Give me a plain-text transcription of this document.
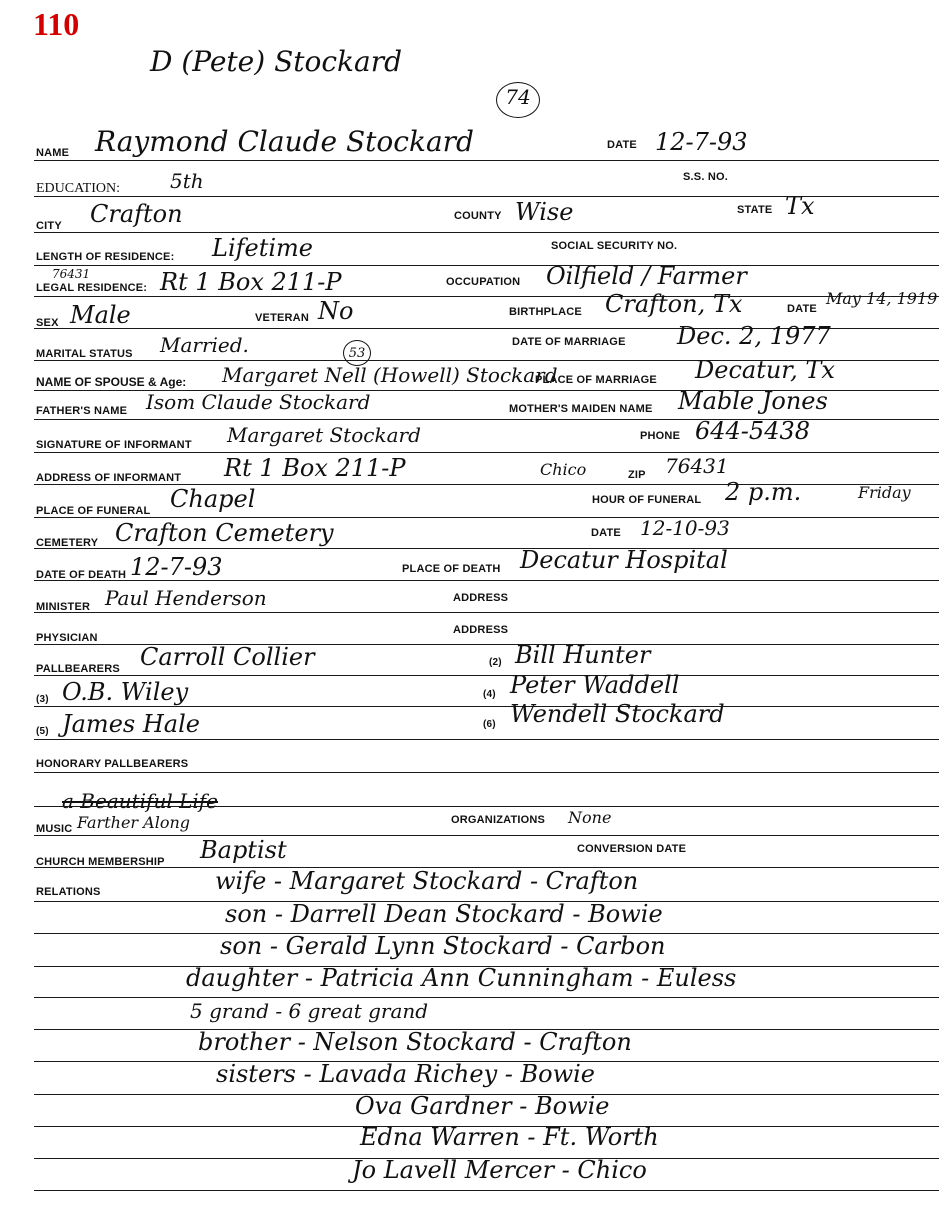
110
D (Pete) Stockard
74
NAME Raymond Claude Stockard	DATE 12-7-93
EDUCATION:	5th	S.S. NO.
CITY Crafton	COUNTY Wise	STATE Tx
LENGTH OF RESIDENCE: Lifetime	SOCIAL SECURITY NO.
76431
LEGAL RESIDENCE: Rt 1 Box 211-P	OCCUPATION Oilfield / Farmer
SEX Male	VETERAN No	BIRTHPLACE Crafton, Tx	DATE
May 14, 1919
DATE OF MARRIAGE Dec. 2, 1977
MARITAL STATUS Married.	53
NAME OF SPOUSE & Age: Margaret Nell (Howell) Stockard
PLACE OF MARRIAGE Decatur, Tx
FATHER'S NAME Isom Claude Stockard	MOTHER'S MAIDEN NAME Mable Jones
SIGNATURE OF INFORMANT Margaret Stockard	PHONE 644-5438
ADDRESS OF INFORMANT Rt 1 Box 211-P	Chico	ZIP 76431
PLACE OF FUNERAL Chapel	HOUR OF FUNERAL 2 p.m.	Friday
CEMETERY Crafton Cemetery	DATE 12-10-93
DATE OF DEATH 12-7-93	PLACE OF DEATH Decatur Hospital
MINISTER Paul Henderson	ADDRESS
PHYSICIAN
ADDRESS
PALLBEARERS Carroll Collier	(2) Bill Hunter
(3) O.B. Wiley	(4) Peter Waddell
(5) James Hale	(6) Wendell Stockard
HONORARY PALLBEARERS
a Beautiful Life
MUSIC Farther Along	ORGANIZATIONS None
CHURCH MEMBERSHIP Baptist	CONVERSION DATE
RELATIONS	wife - Margaret Stockard - Crafton
son - Darrell Dean Stockard - Bowie
son - Gerald Lynn Stockard - Carbon
daughter - Patricia Ann Cunningham - Euless
5 grand - 6 great grand
brother - Nelson Stockard - Crafton
sisters - Lavada Richey - Bowie
Ova Gardner - Bowie
Edna Warren - Ft. Worth
Jo Lavell Mercer - Chico
